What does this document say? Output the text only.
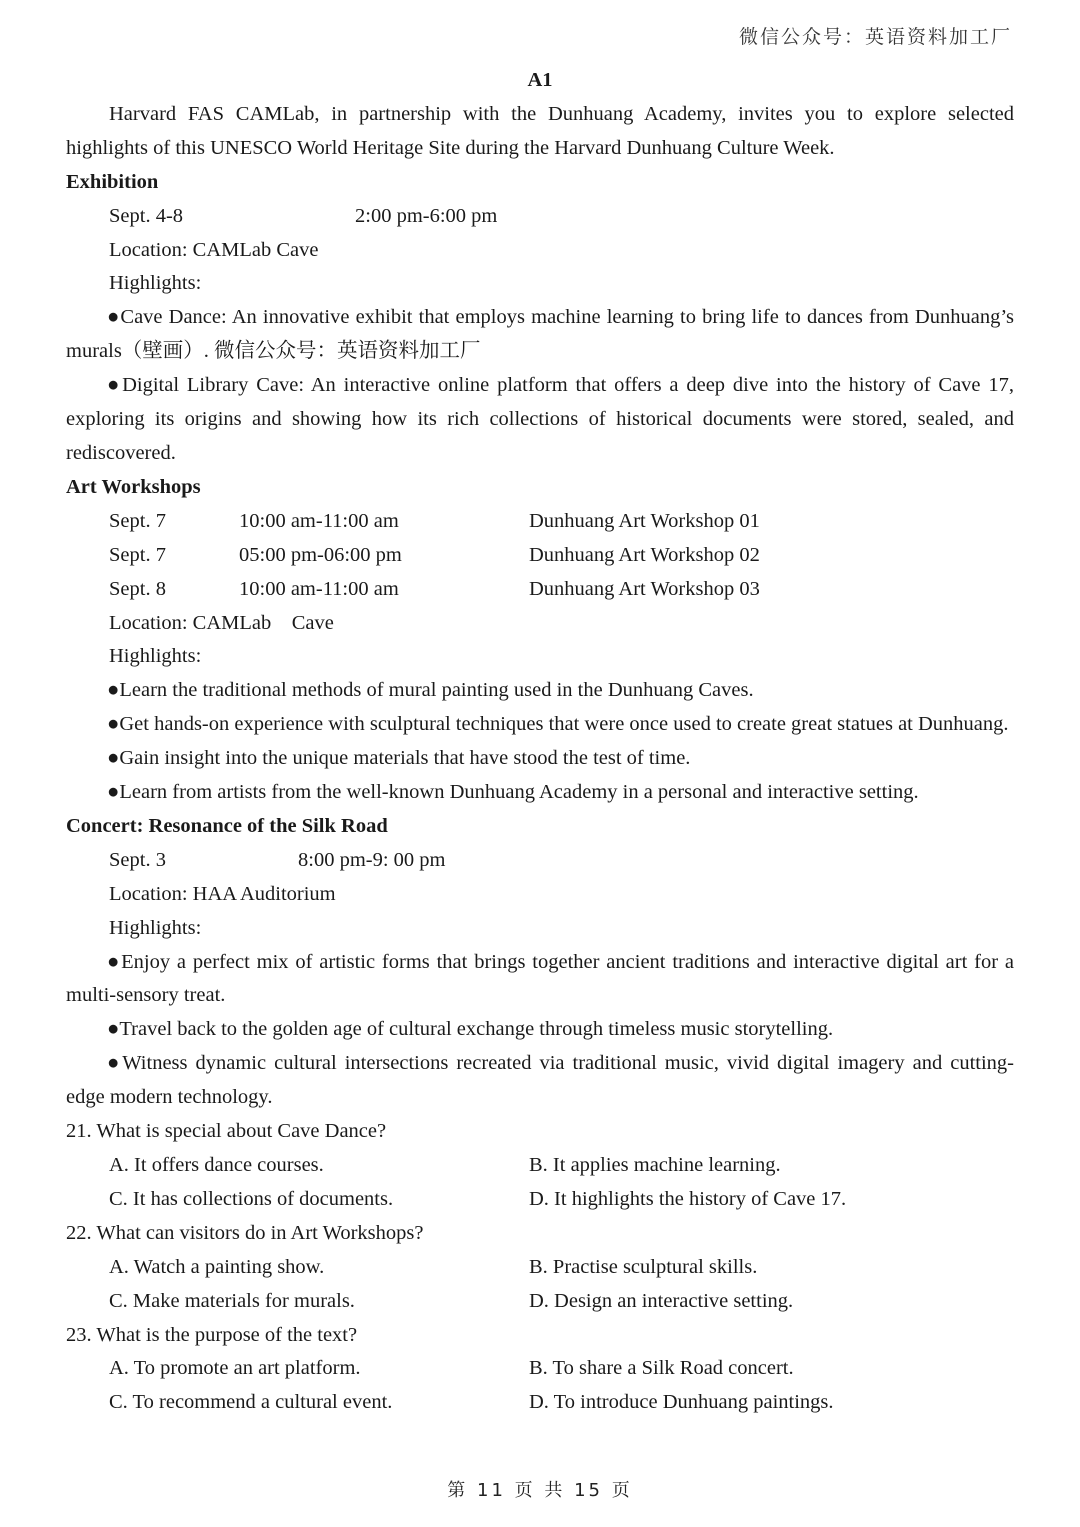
微信公众号：英语资料加工厂

A1

Harvard FAS CAMLab, in partnership with the Dunhuang Academy, invites you to explore selected highlights of this UNESCO World Heritage Site during the Harvard Dunhuang Culture Week.

Exhibition

Sept. 4-8	2:00 pm-6:00 pm

Location: CAMLab Cave

Highlights:

●Cave Dance: An innovative exhibit that employs machine learning to bring life to dances from Dunhuang’s murals（壁画）. 微信公众号：英语资料加工厂

●Digital Library Cave: An interactive online platform that offers a deep dive into the history of Cave 17, exploring its origins and showing how its rich collections of historical documents were stored, sealed, and rediscovered.

Art Workshops

Sept. 7	10:00 am-11:00 am	Dunhuang Art Workshop 01
Sept. 7	05:00 pm-06:00 pm	Dunhuang Art Workshop 02
Sept. 8	10:00 am-11:00 am	Dunhuang Art Workshop 03

Location: CAMLab    Cave

Highlights:

●Learn the traditional methods of mural painting used in the Dunhuang Caves.

●Get hands-on experience with sculptural techniques that were once used to create great statues at Dunhuang.

●Gain insight into the unique materials that have stood the test of time.

●Learn from artists from the well-known Dunhuang Academy in a personal and interactive setting.

Concert: Resonance of the Silk Road

Sept. 3	8:00 pm-9: 00 pm

Location: HAA Auditorium

Highlights:

●Enjoy a perfect mix of artistic forms that brings together ancient traditions and interactive digital art for a multi-sensory treat.

●Travel back to the golden age of cultural exchange through timeless music storytelling.

●Witness dynamic cultural intersections recreated via traditional music, vivid digital imagery and cutting-edge modern technology.

21. What is special about Cave Dance?

A. It offers dance courses.	B. It applies machine learning.
C. It has collections of documents.	D. It highlights the history of Cave 17.

22. What can visitors do in Art Workshops?

A. Watch a painting show.	B. Practise sculptural skills.
C. Make materials for murals.	D. Design an interactive setting.

23. What is the purpose of the text?

A. To promote an art platform.	B. To share a Silk Road concert.
C. To recommend a cultural event.	D. To introduce Dunhuang paintings.
第 11 页 共 15 页
